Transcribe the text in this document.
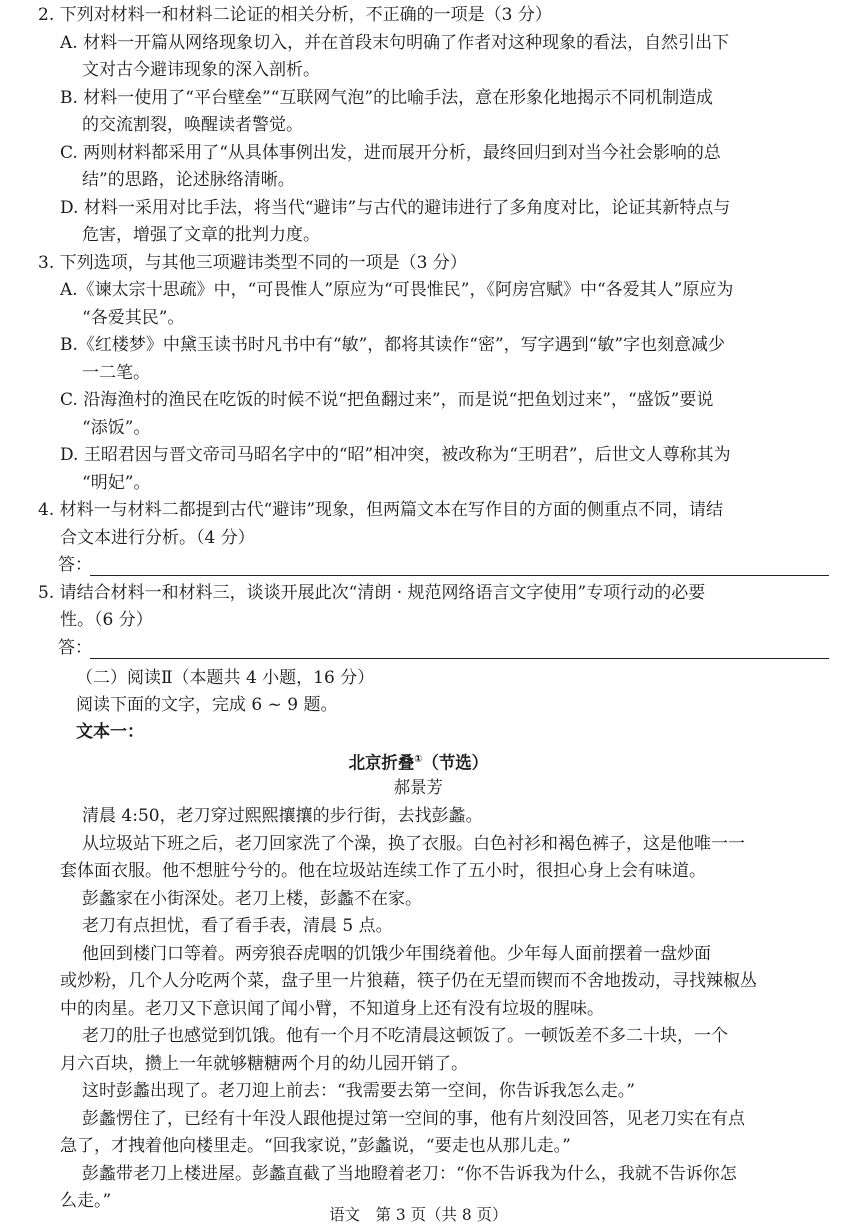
2. 下列对材料一和材料二论证的相关分析，不正确的一项是（3 分）
A. 材料一开篇从网络现象切入，并在首段末句明确了作者对这种现象的看法，自然引出下
文对古今避讳现象的深入剖析。
B. 材料一使用了“平台壁垒”“互联网气泡”的比喻手法，意在形象化地揭示不同机制造成
的交流割裂，唤醒读者警觉。
C. 两则材料都采用了“从具体事例出发，进而展开分析，最终回归到对当今社会影响的总
结”的思路，论述脉络清晰。
D. 材料一采用对比手法，将当代“避讳”与古代的避讳进行了多角度对比，论证其新特点与
危害，增强了文章的批判力度。
3. 下列选项，与其他三项避讳类型不同的一项是（3 分）
A.《谏太宗十思疏》中，“可畏惟人”原应为“可畏惟民”，《阿房宫赋》中“各爱其人”原应为
“各爱其民”。
B.《红楼梦》中黛玉读书时凡书中有“敏”，都将其读作“密”，写字遇到“敏”字也刻意减少
一二笔。
C. 沿海渔村的渔民在吃饭的时候不说“把鱼翻过来”，而是说“把鱼划过来”，“盛饭”要说
“添饭”。
D. 王昭君因与晋文帝司马昭名字中的“昭”相冲突，被改称为“王明君”，后世文人尊称其为
“明妃”。
4. 材料一与材料二都提到古代“避讳”现象，但两篇文本在写作目的方面的侧重点不同，请结
合文本进行分析。（4 分）
答：
5. 请结合材料一和材料三，谈谈开展此次“清朗 · 规范网络语言文字使用”专项行动的必要
性。（6 分）
答：
（二）阅读Ⅱ（本题共 4 小题，16 分）
阅读下面的文字，完成 6 ~ 9 题。
文本一：
北京折叠①（节选）
郝景芳
清晨 4:50，老刀穿过熙熙攘攘的步行街，去找彭蠡。
从垃圾站下班之后，老刀回家洗了个澡，换了衣服。白色衬衫和褐色裤子，这是他唯一一
套体面衣服。他不想脏兮兮的。他在垃圾站连续工作了五小时，很担心身上会有味道。
彭蠡家在小街深处。老刀上楼，彭蠡不在家。
老刀有点担忧，看了看手表，清晨 5 点。
他回到楼门口等着。两旁狼吞虎咽的饥饿少年围绕着他。少年每人面前摆着一盘炒面
或炒粉，几个人分吃两个菜，盘子里一片狼藉，筷子仍在无望而锲而不舍地拨动，寻找辣椒丛
中的肉星。老刀又下意识闻了闻小臂，不知道身上还有没有垃圾的腥味。
老刀的肚子也感觉到饥饿。他有一个月不吃清晨这顿饭了。一顿饭差不多二十块，一个
月六百块，攒上一年就够糖糖两个月的幼儿园开销了。
这时彭蠡出现了。老刀迎上前去：“我需要去第一空间，你告诉我怎么走。”
彭蠡愣住了，已经有十年没人跟他提过第一空间的事，他有片刻没回答，见老刀实在有点
急了，才拽着他向楼里走。“回我家说，”彭蠡说，“要走也从那儿走。”
彭蠡带老刀上楼进屋。彭蠡直截了当地瞪着老刀：“你不告诉我为什么，我就不告诉你怎
么走。”
语文　第 3 页（共 8 页）
